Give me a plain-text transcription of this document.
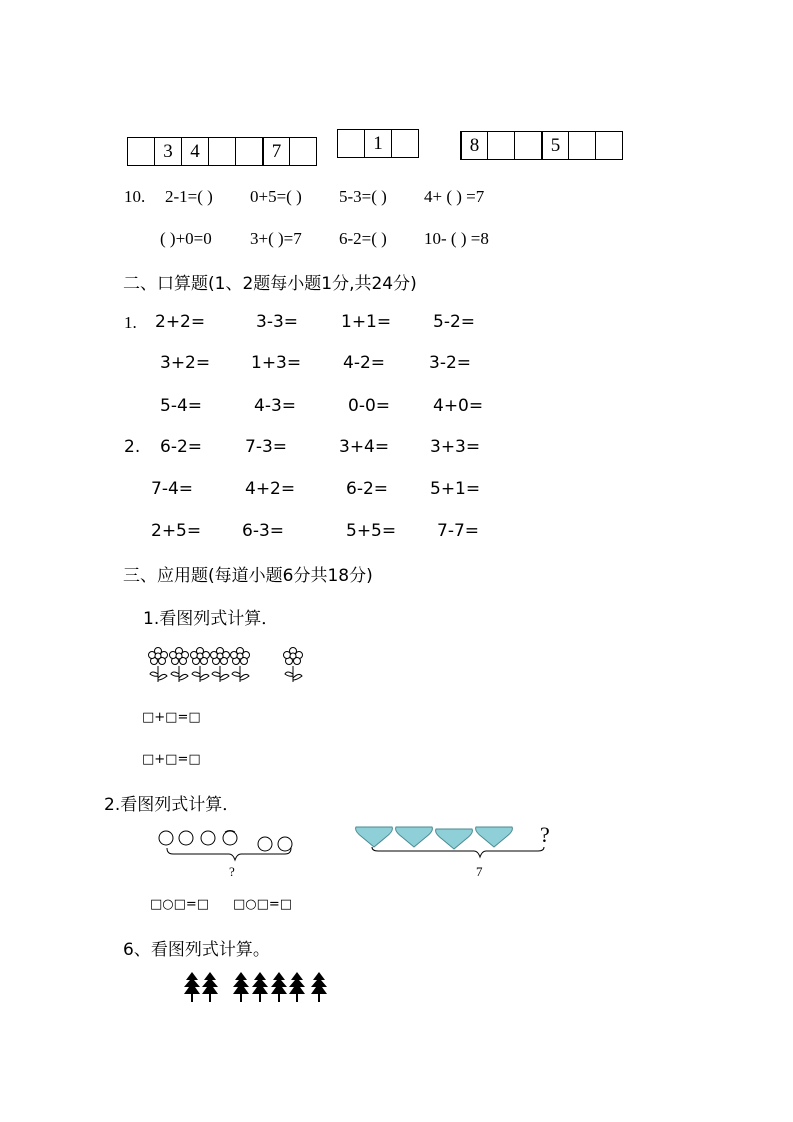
3 4	7	1	8	5
10. 2-1=( ) 0+5=( ) 5-3=( ) 4+ ( ) =7
( )+0=0 3+( )=7 6-2=( ) 10- ( ) =8
二、口算题(1、2题每小题1分,共24分)
1. 2+2=	3-3=	1+1= 5-2=
3+2= 1+3= 4-2=	3-2=
5-4=	4-3=	0-0=	4+0=
2. 6-2=	7-3=	3+4= 3+3=
7-4=	4+2=	6-2= 5+1=
2+5= 6-3=	5+5= 7-7=
三、应用题(每道小题6分共18分)
1.看图列式计算．
□+□=□
□+□=□
2.看图列式计算．
?
?
7
□○□=□ □○□=□
6、看图列式计算。
